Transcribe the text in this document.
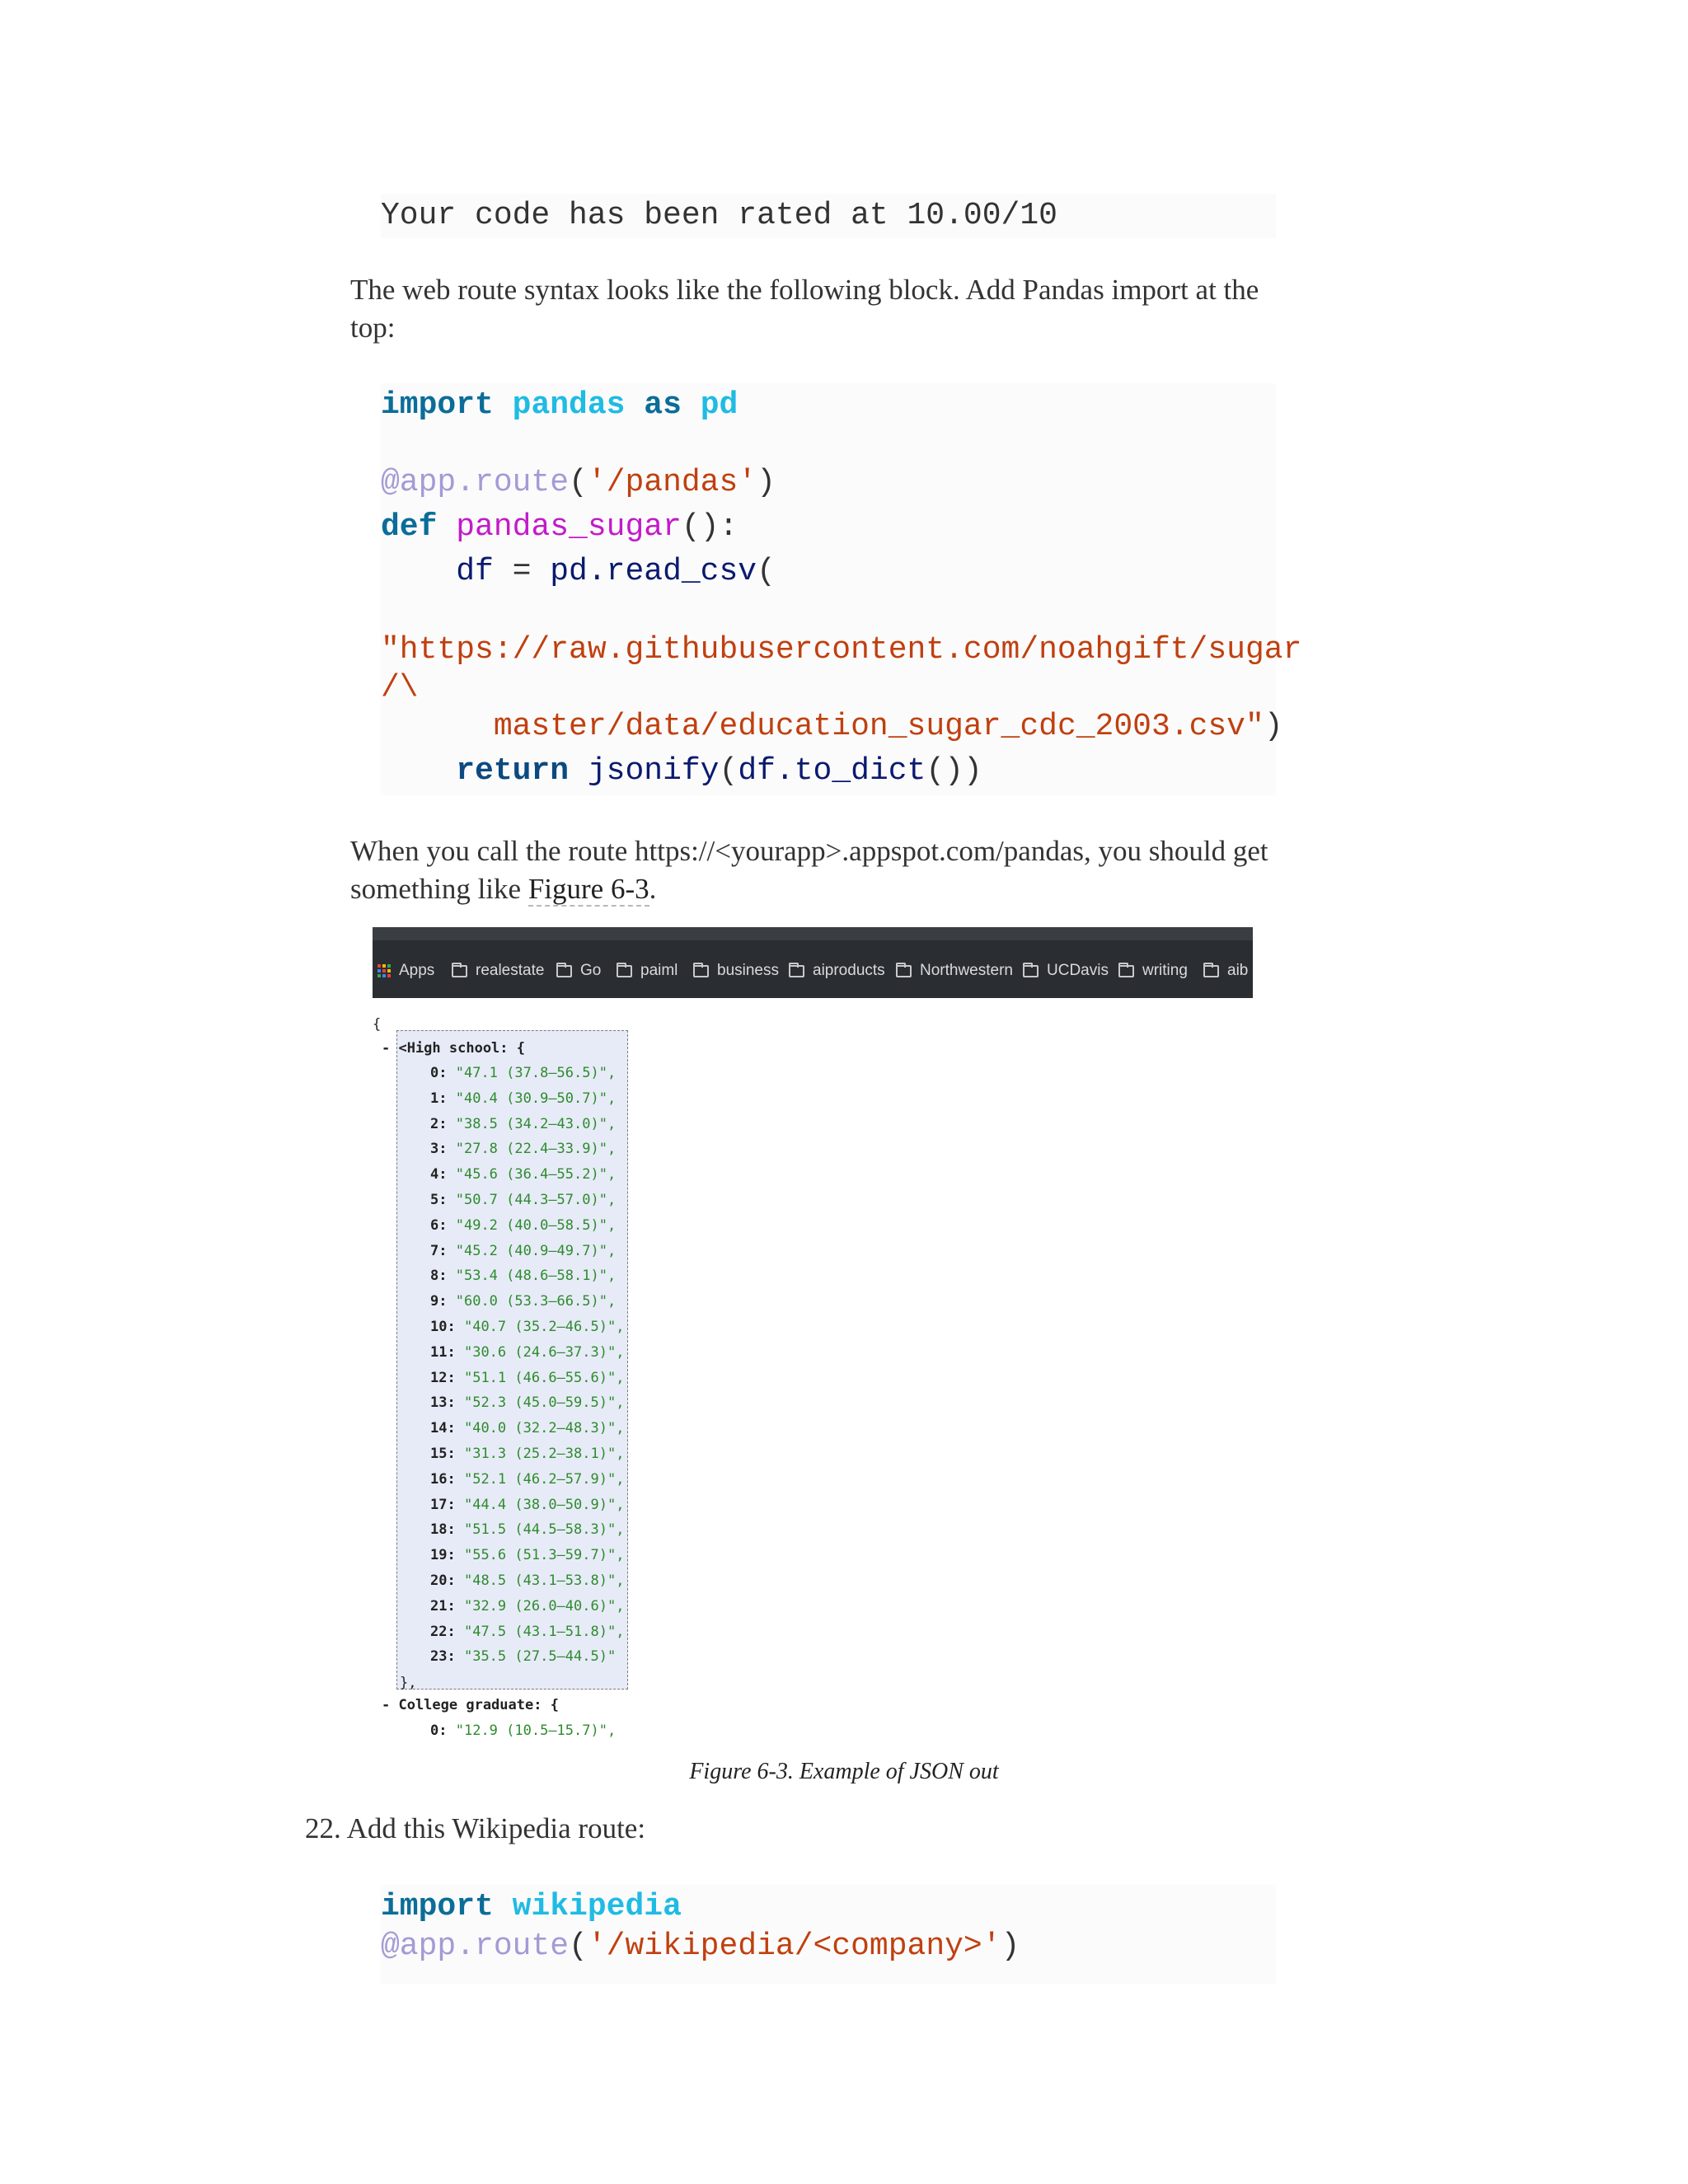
Your code has been rated at 10.00/10

The web route syntax looks like the following block. Add Pandas import at the top:

import pandas as pd

@app.route('/pandas')

def pandas_sugar():

df = pd.read_csv(

"https://raw.githubusercontent.com/noahgift/sugar

/\

master/data/education_sugar_cdc_2003.csv")

return jsonify(df.to_dict())

When you call the route https://<yourapp>.appspot.com/pandas, you should get something like Figure 6-3.
Apps	realestate Go	paiml	business aiproducts Northwestern UCDavis writing	aib
{
- <High school: {
},
- College graduate: {
0: "47.1 (37.8–56.5)",
1: "40.4 (30.9–50.7)",
2: "38.5 (34.2–43.0)",
3: "27.8 (22.4–33.9)",
4: "45.6 (36.4–55.2)",
5: "50.7 (44.3–57.0)",
6: "49.2 (40.0–58.5)",
7: "45.2 (40.9–49.7)",
8: "53.4 (48.6–58.1)",
9: "60.0 (53.3–66.5)",
10: "40.7 (35.2–46.5)",
11: "30.6 (24.6–37.3)",
12: "51.1 (46.6–55.6)",
13: "52.3 (45.0–59.5)",
14: "40.0 (32.2–48.3)",
15: "31.3 (25.2–38.1)",
16: "52.1 (46.2–57.9)",
17: "44.4 (38.0–50.9)",
18: "51.5 (44.5–58.3)",
19: "55.6 (51.3–59.7)",
20: "48.5 (43.1–53.8)",
21: "32.9 (26.0–40.6)",
22: "47.5 (43.1–51.8)",
23: "35.5 (27.5–44.5)"
0: "12.9 (10.5–15.7)",
Figure 6-3. Example of JSON out
22. Add this Wikipedia route:

import wikipedia

@app.route('/wikipedia/<company>')
